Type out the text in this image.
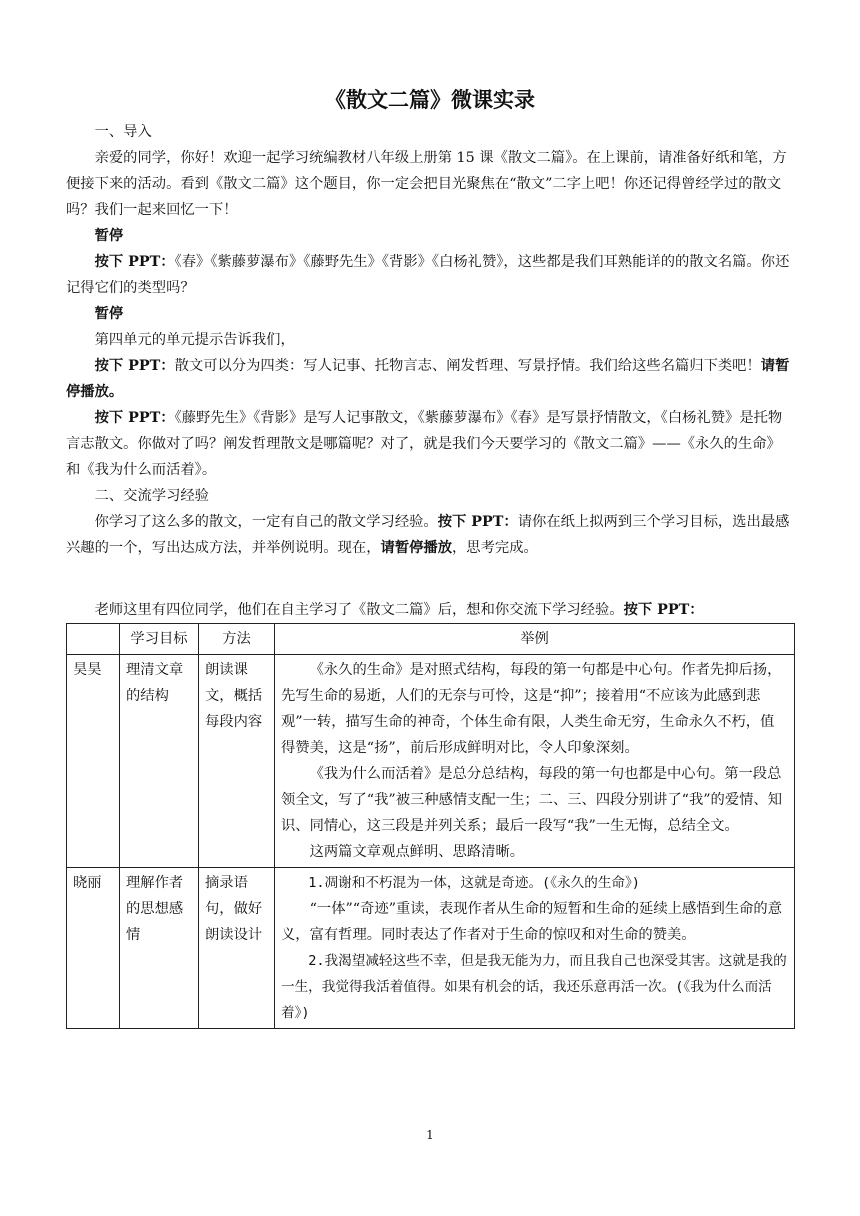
《散文二篇》微课实录

一、导入

亲爱的同学，你好！欢迎一起学习统编教材八年级上册第 15 课《散文二篇》。在上课前，请准备好纸和笔，方便接下来的活动。看到《散文二篇》这个题目，你一定会把目光聚焦在“散文”二字上吧！你还记得曾经学过的散文吗？我们一起来回忆一下！

暂停

按下 PPT：《春》《紫藤萝瀑布》《藤野先生》《背影》《白杨礼赞》，这些都是我们耳熟能详的的散文名篇。你还记得它们的类型吗？

暂停

第四单元的单元提示告诉我们，

按下 PPT：散文可以分为四类：写人记事、托物言志、阐发哲理、写景抒情。我们给这些名篇归下类吧！请暂停播放。

按下 PPT：《藤野先生》《背影》是写人记事散文，《紫藤萝瀑布》《春》是写景抒情散文，《白杨礼赞》是托物言志散文。你做对了吗？阐发哲理散文是哪篇呢？对了，就是我们今天要学习的《散文二篇》——《永久的生命》和《我为什么而活着》。

二、交流学习经验

你学习了这么多的散文，一定有自己的散文学习经验。按下 PPT：请你在纸上拟两到三个学习目标，选出最感兴趣的一个，写出达成方法，并举例说明。现在，请暂停播放，思考完成。

老师这里有四位同学，他们在自主学习了《散文二篇》后，想和你交流下学习经验。按下 PPT：

	学习目标	方法	举例
昊昊	理清文章的结构	朗读课文，概括每段内容	《永久的生命》是对照式结构，每段的第一句都是中心句。作者先抑后扬，先写生命的易逝，人们的无奈与可怜，这是“抑”；接着用“不应该为此感到悲观”一转，描写生命的神奇，个体生命有限，人类生命无穷，生命永久不朽，值得赞美，这是“扬”，前后形成鲜明对比，令人印象深刻。

《我为什么而活着》是总分总结构，每段的第一句也都是中心句。第一段总领全文，写了“我”被三种感情支配一生；二、三、四段分别讲了“我”的爱情、知识、同情心，这三段是并列关系；最后一段写“我”一生无悔，总结全文。

这两篇文章观点鲜明、思路清晰。

晓丽	理解作者的思想感情	摘录语句，做好朗读设计	1.凋谢和不朽混为一体，这就是奇迹。(《永久的生命》)

“一体”“奇迹”重读，表现作者从生命的短暂和生命的延续上感悟到生命的意义，富有哲理。同时表达了作者对于生命的惊叹和对生命的赞美。

2.我渴望减轻这些不幸，但是我无能为力，而且我自己也深受其害。这就是我的一生，我觉得我活着值得。如果有机会的话，我还乐意再活一次。(《我为什么而活着》)

1
